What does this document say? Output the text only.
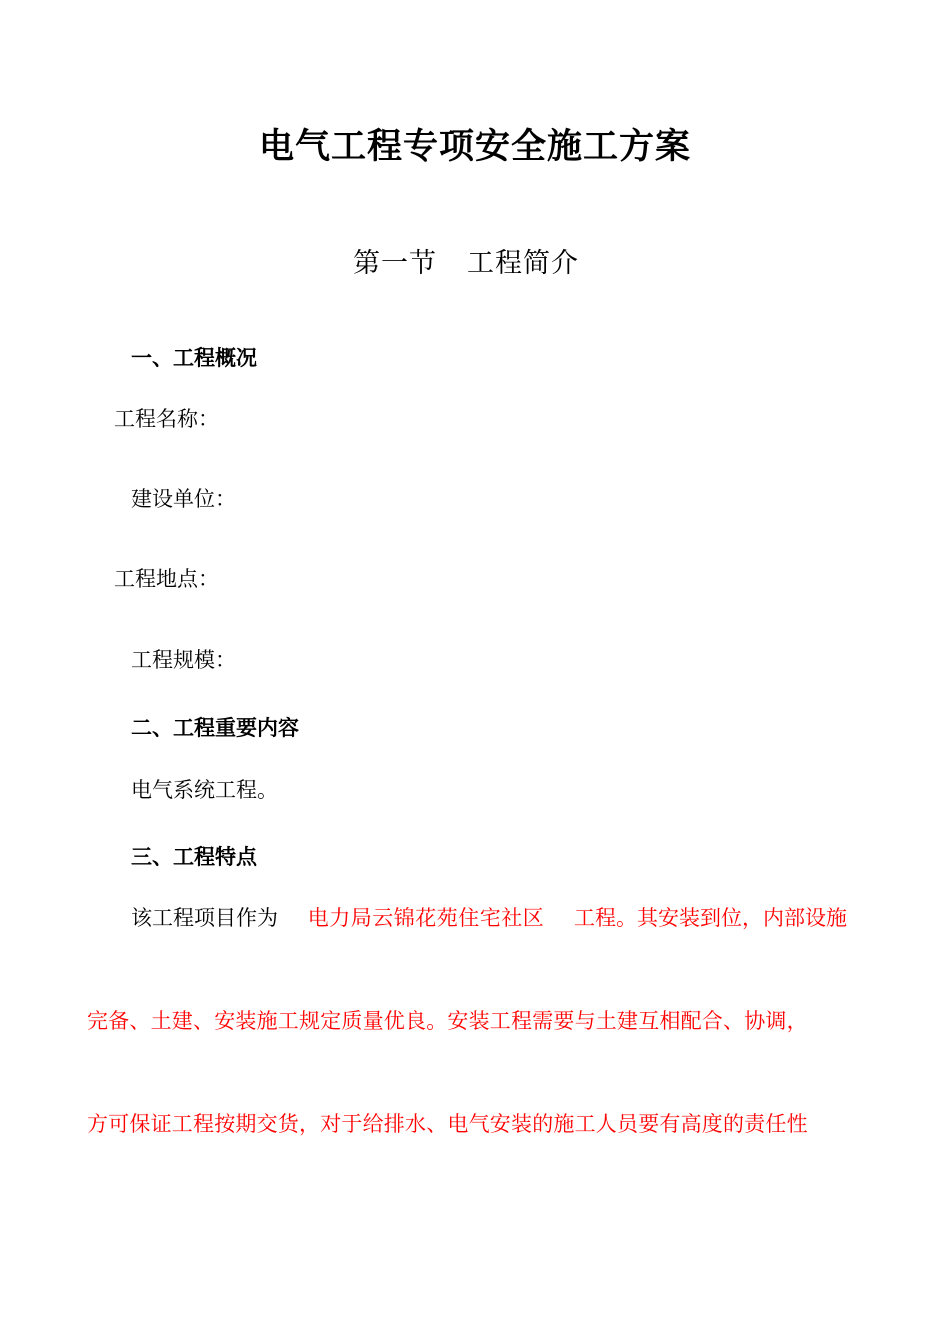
电气工程专项安全施工方案
第一节 工程简介
一、工程概况
工程名称：
建设单位：
工程地点：
工程规模：
二、工程重要内容
电气系统工程。
三、工程特点
该工程项目作为 电力局云锦花苑住宅社区 工程。其安装到位，内部设施
完备、土建、安装施工规定质量优良。安装工程需要与土建互相配合、协调，
方可保证工程按期交货，对于给排水、电气安装的施工人员要有高度的责任性
